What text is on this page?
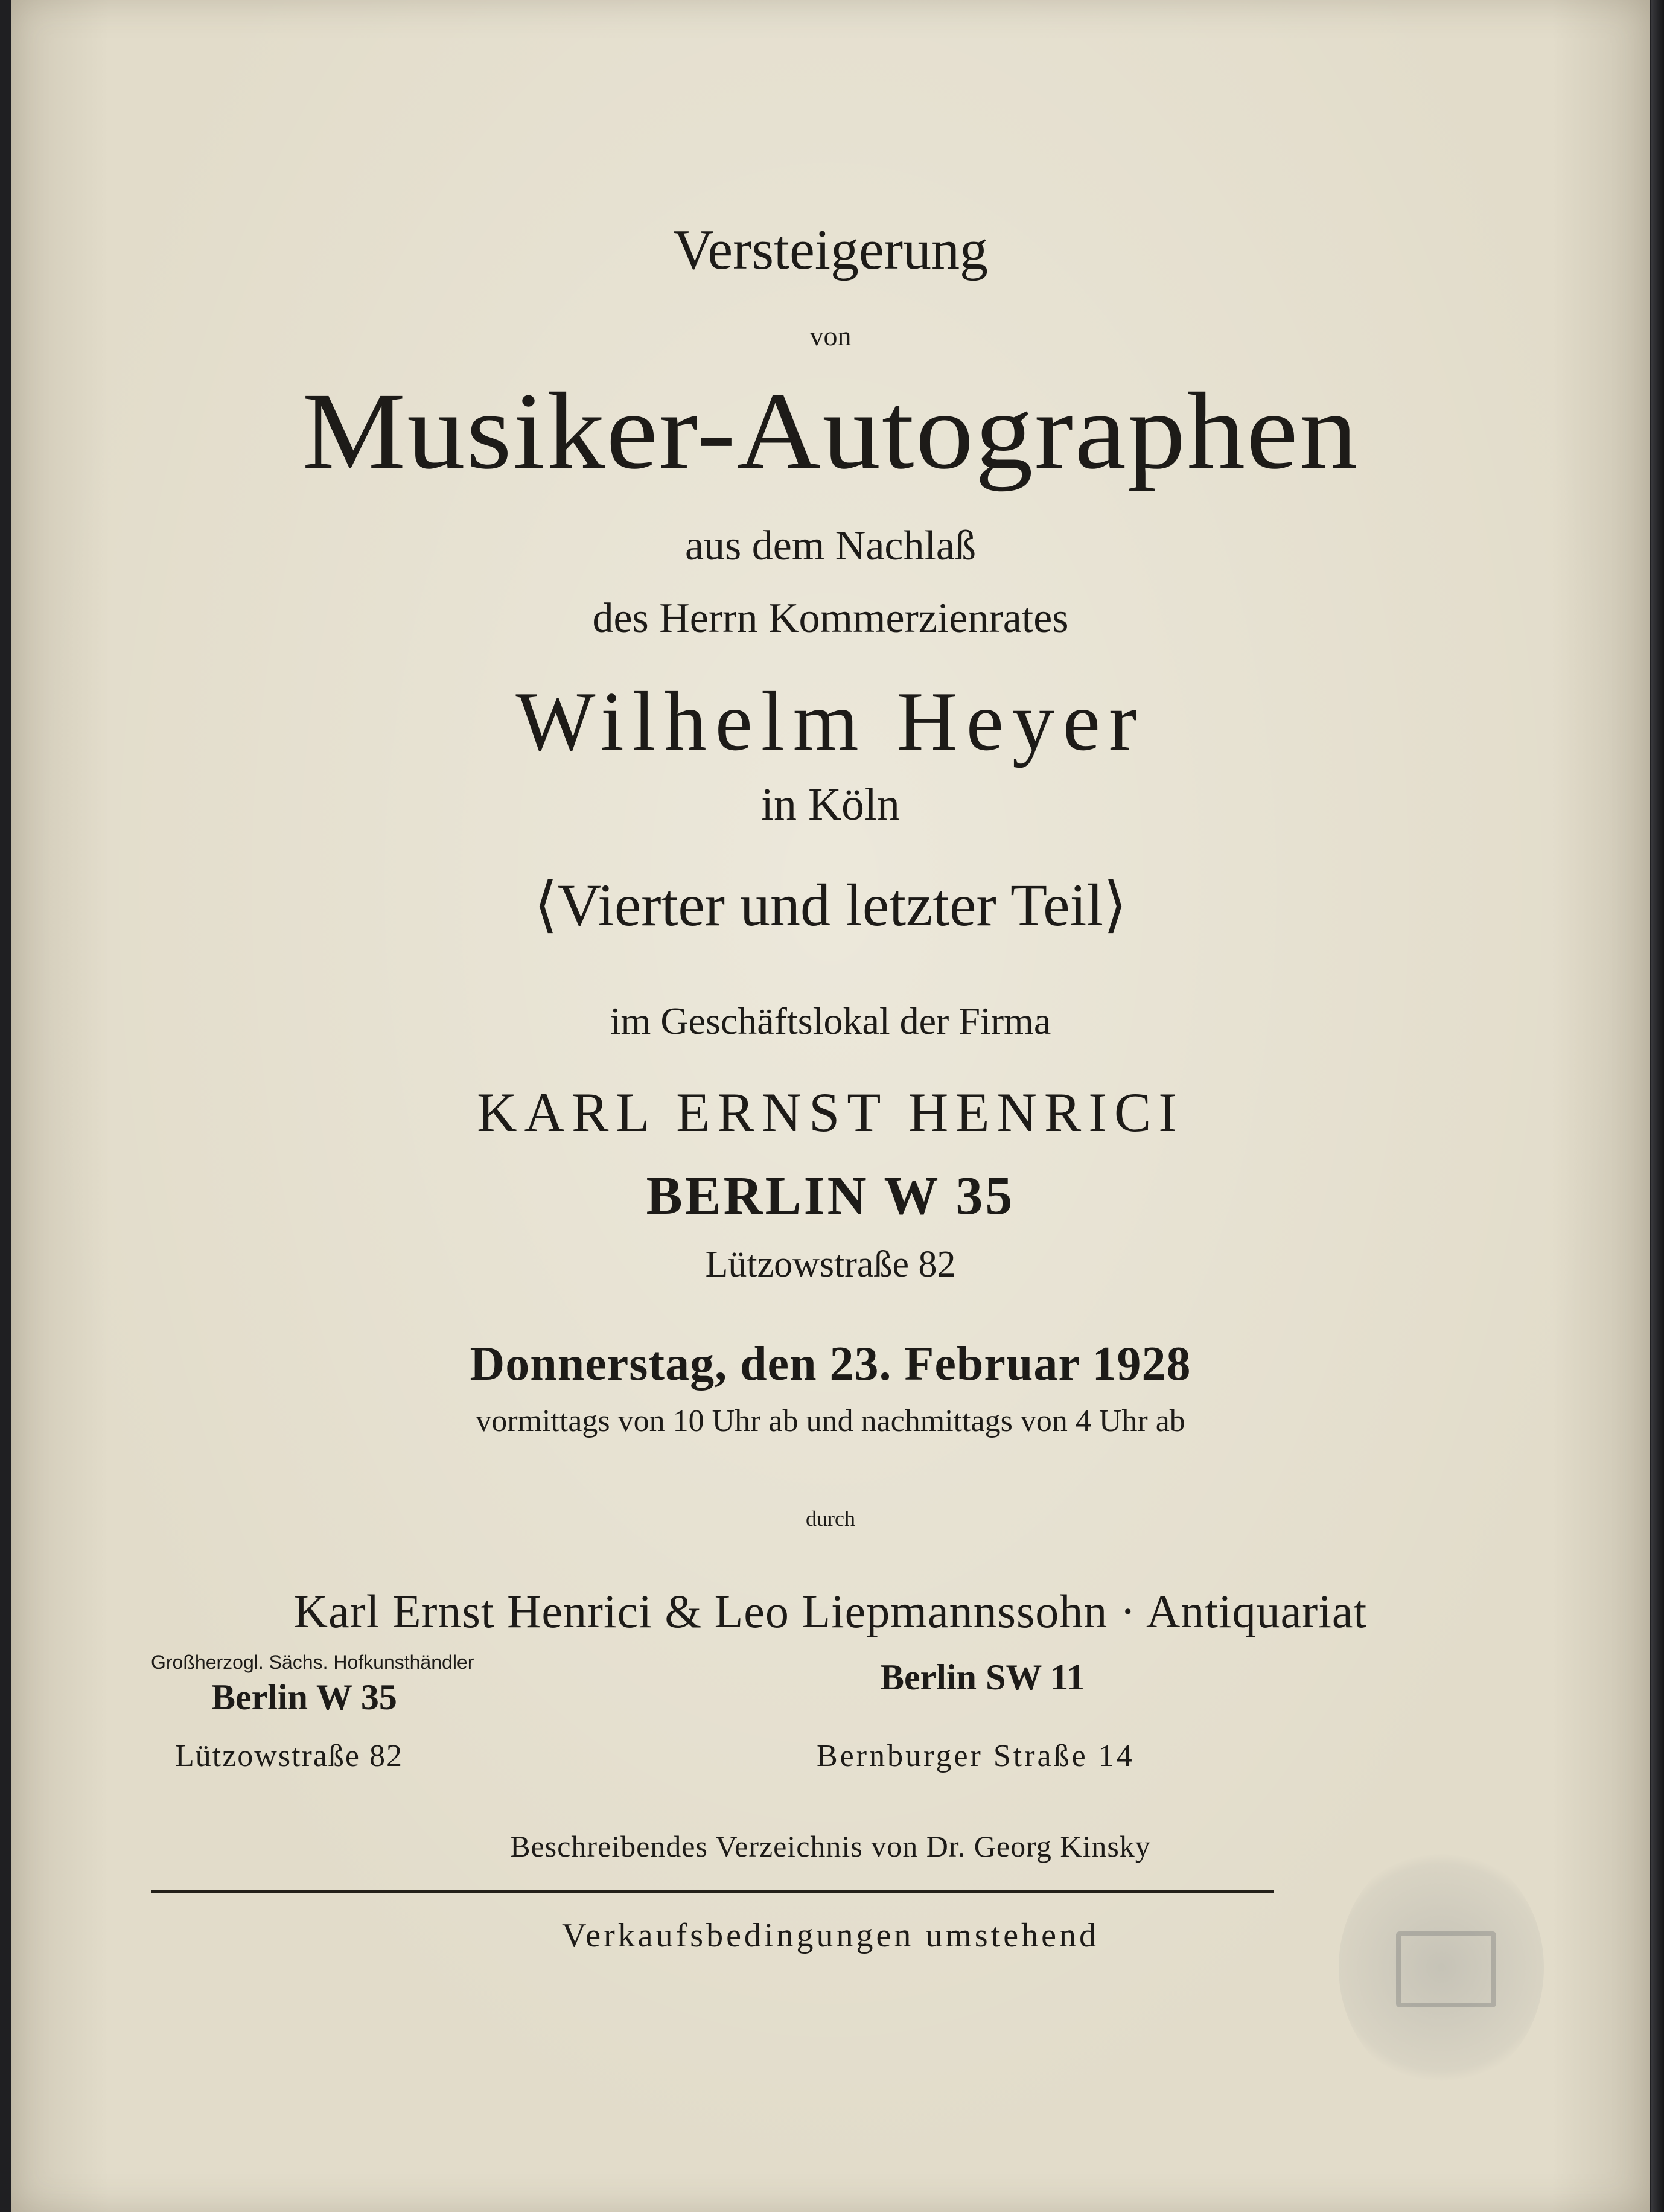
Versteigerung
von
Musiker-Autographen
aus dem Nachlaß
des Herrn Kommerzienrates
Wilhelm Heyer
in Köln
⟨Vierter und letzter Teil⟩
im Geschäftslokal der Firma
KARL ERNST HENRICI
BERLIN W 35
Lützowstraße 82
Donnerstag, den 23. Februar 1928
vormittags von 10 Uhr ab und nachmittags von 4 Uhr ab
durch
Karl Ernst Henrici & Leo Liepmannssohn · Antiquariat
Großherzogl. Sächs. Hofkunsthändler
Berlin W 35	Berlin SW 11
Lützowstraße 82	Bernburger Straße 14
Beschreibendes Verzeichnis von Dr. Georg Kinsky
Verkaufsbedingungen umstehend
